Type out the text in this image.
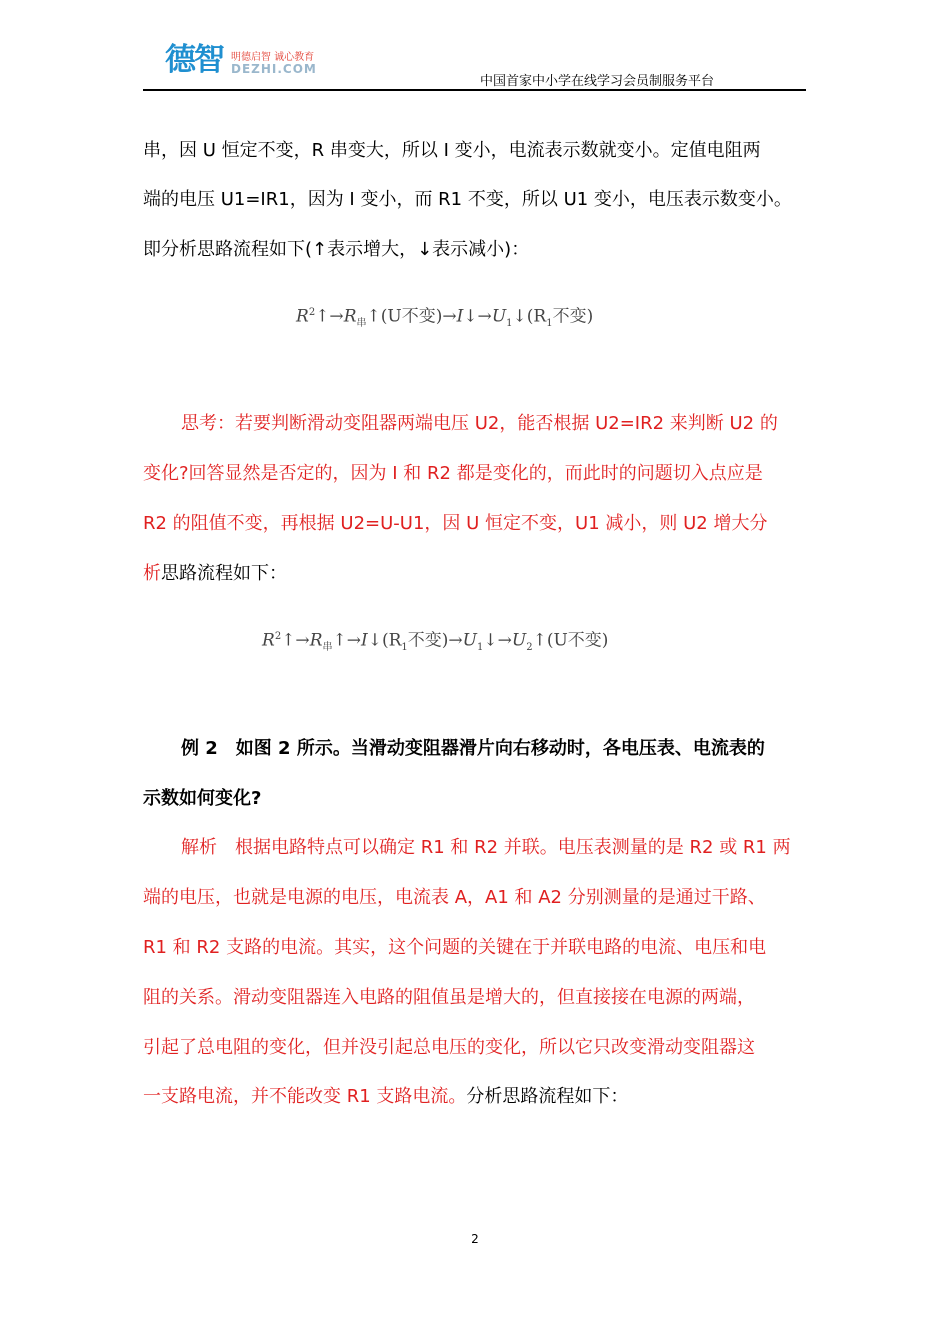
德智 明德启智 诚心教育
DEZHI.COM
中国首家中小学在线学习会员制服务平台
串，因 U 恒定不变，R 串变大，所以 I 变小，电流表示数就变小。定值电阻两
端的电压 U1=IR1，因为 I 变小，而 R1 不变，所以 U1 变小，电压表示数变小。
即分析思路流程如下(↑表示增大，↓表示减小)：
$R^2↑\to R_串↑(U$不变)$\to I↓\to U_1↓(R_1$不变)
思考：若要判断滑动变阻器两端电压 U2，能否根据 U2=IR2 来判断 U2 的
变化?回答显然是否定的，因为 I 和 R2 都是变化的，而此时的问题切入点应是
R2 的阻值不变，再根据 U2=U-U1，因 U 恒定不变，U1 减小，则 U2 增大分
析思路流程如下：
$R^2↑\to R_串↑\to I↓(R_1$不变)$\to U_1↓\to U_2↑(U$不变)
例 2　如图 2 所示。当滑动变阻器滑片向右移动时，各电压表、电流表的
示数如何变化?
解析　根据电路特点可以确定 R1 和 R2 并联。电压表测量的是 R2 或 R1 两
端的电压，也就是电源的电压，电流表 A，A1 和 A2 分别测量的是通过干路、
R1 和 R2 支路的电流。其实，这个问题的关键在于并联电路的电流、电压和电
阻的关系。滑动变阻器连入电路的阻值虽是增大的，但直接接在电源的两端，
引起了总电阻的变化，但并没引起总电压的变化，所以它只改变滑动变阻器这
一支路电流，并不能改变 R1 支路电流。分析思路流程如下：
2
